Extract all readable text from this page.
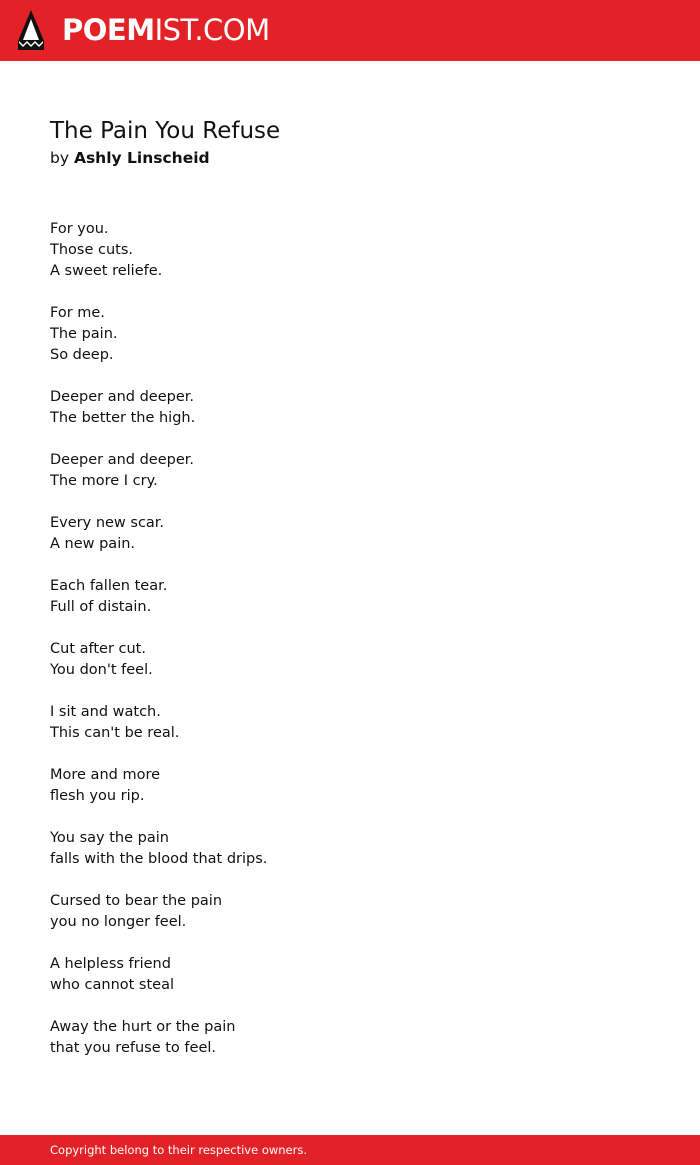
POEMIST.COM
The Pain You Refuse
by Ashly Linscheid
For you.
Those cuts.
A sweet reliefe.
For me.
The pain.
So deep.
Deeper and deeper.
The better the high.
Deeper and deeper.
The more I cry.
Every new scar.
A new pain.
Each fallen tear.
Full of distain.
Cut after cut.
You don't feel.
I sit and watch.
This can't be real.
More and more
flesh you rip.
You say the pain
falls with the blood that drips.
Cursed to bear the pain
you no longer feel.
A helpless friend
who cannot steal
Away the hurt or the pain
that you refuse to feel.
Copyright belong to their respective owners.
